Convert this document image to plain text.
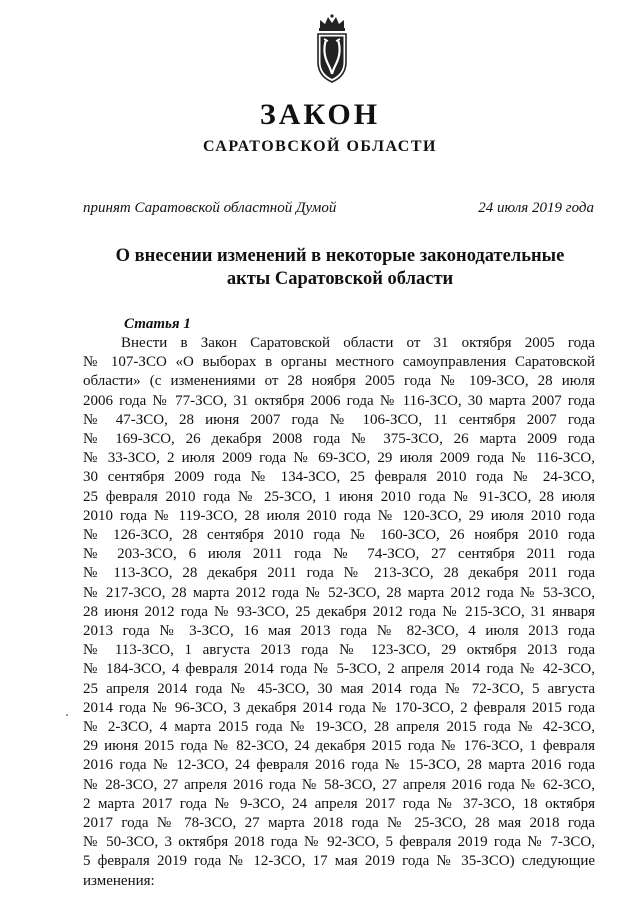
ЗАКОН
САРАТОВСКОЙ ОБЛАСТИ
принят Саратовской областной Думой	24 июля 2019 года
О внесении изменений в некоторые законодательные
акты Саратовской области
Статья 1
Внести в Закон Саратовской области от 31 октября 2005 года
№ 107-ЗСО «О выборах в органы местного самоуправления Саратовской
области» (с изменениями от 28 ноября 2005 года № 109-ЗСО, 28 июля
2006 года № 77-ЗСО, 31 октября 2006 года № 116-ЗСО, 30 марта 2007 года
№ 47-ЗСО, 28 июня 2007 года № 106-ЗСО, 11 сентября 2007 года
№ 169-ЗСО, 26 декабря 2008 года № 375-ЗСО, 26 марта 2009 года
№ 33-ЗСО, 2 июля 2009 года № 69-ЗСО, 29 июля 2009 года № 116-ЗСО,
30 сентября 2009 года № 134-ЗСО, 25 февраля 2010 года № 24-ЗСО,
25 февраля 2010 года № 25-ЗСО, 1 июня 2010 года № 91-ЗСО, 28 июля
2010 года № 119-ЗСО, 28 июля 2010 года № 120-ЗСО, 29 июля 2010 года
№ 126-ЗСО, 28 сентября 2010 года № 160-ЗСО, 26 ноября 2010 года
№ 203-ЗСО, 6 июля 2011 года № 74-ЗСО, 27 сентября 2011 года
№ 113-ЗСО, 28 декабря 2011 года № 213-ЗСО, 28 декабря 2011 года
№ 217-ЗСО, 28 марта 2012 года № 52-ЗСО, 28 марта 2012 года № 53-ЗСО,
28 июня 2012 года № 93-ЗСО, 25 декабря 2012 года № 215-ЗСО, 31 января
2013 года № 3-ЗСО, 16 мая 2013 года № 82-ЗСО, 4 июля 2013 года
№ 113-ЗСО, 1 августа 2013 года № 123-ЗСО, 29 октября 2013 года
№ 184-ЗСО, 4 февраля 2014 года № 5-ЗСО, 2 апреля 2014 года № 42-ЗСО,
25 апреля 2014 года № 45-ЗСО, 30 мая 2014 года № 72-ЗСО, 5 августа
2014 года № 96-ЗСО, 3 декабря 2014 года № 170-ЗСО, 2 февраля 2015 года
№ 2-ЗСО, 4 марта 2015 года № 19-ЗСО, 28 апреля 2015 года № 42-ЗСО,
29 июня 2015 года № 82-ЗСО, 24 декабря 2015 года № 176-ЗСО, 1 февраля
2016 года № 12-ЗСО, 24 февраля 2016 года № 15-ЗСО, 28 марта 2016 года
№ 28-ЗСО, 27 апреля 2016 года № 58-ЗСО, 27 апреля 2016 года № 62-ЗСО,
2 марта 2017 года № 9-ЗСО, 24 апреля 2017 года № 37-ЗСО, 18 октября
2017 года № 78-ЗСО, 27 марта 2018 года № 25-ЗСО, 28 мая 2018 года
№ 50-ЗСО, 3 октября 2018 года № 92-ЗСО, 5 февраля 2019 года № 7-ЗСО,
5 февраля 2019 года № 12-ЗСО, 17 мая 2019 года № 35-ЗСО) следующие
изменения:
